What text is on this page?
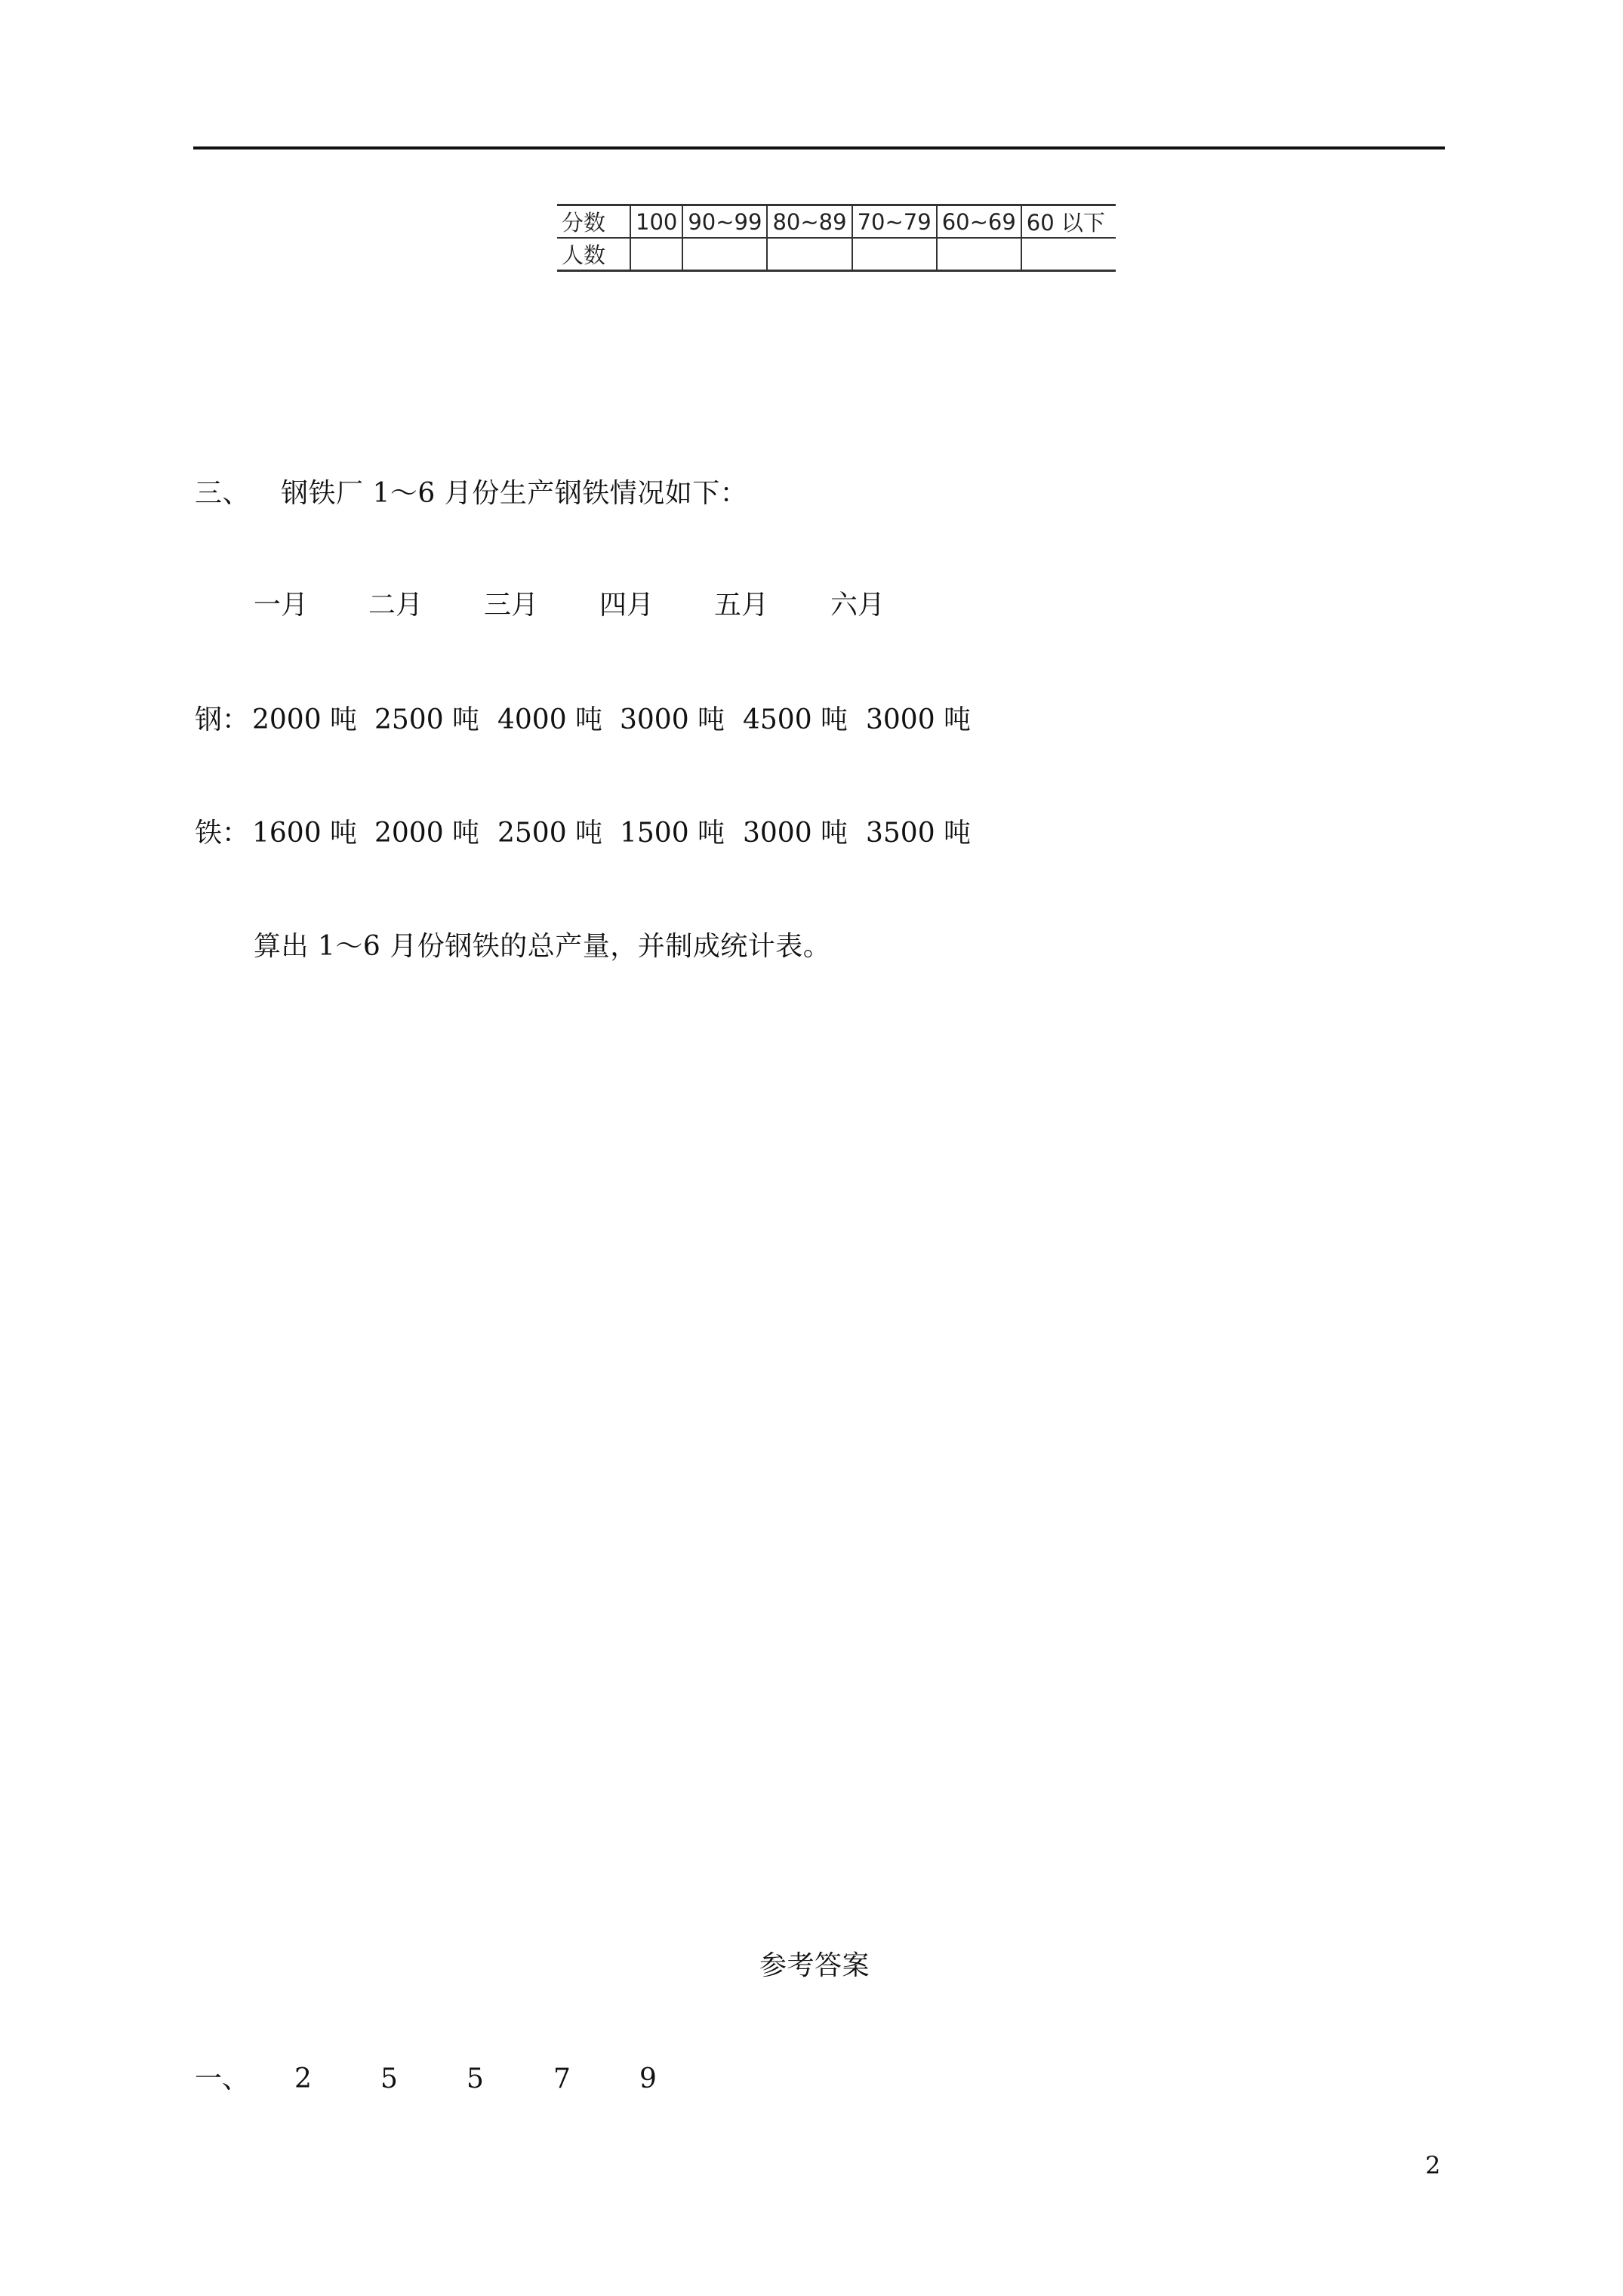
分数	100	90~99	80~89	70~79	60~69	60 以下
人数						
三、 钢铁厂 1～6 月份生产钢铁情况如下：
一月 二月 三月 四月 五月 六月
钢： 2000 吨 2500 吨 4000 吨 3000 吨 4500 吨 3000 吨
铁： 1600 吨 2000 吨 2500 吨 1500 吨 3000 吨 3500 吨
算出 1～6 月份钢铁的总产量，并制成统计表。
参考答案
一、 2	5	5	7	9
2
